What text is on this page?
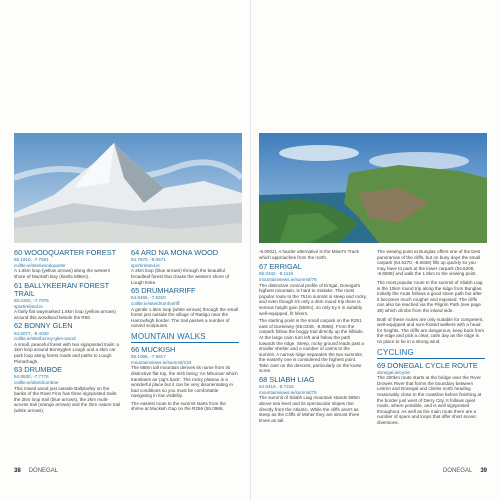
60 WOODQUARTER FOREST

55.1910, -7.7551

coillte.ie/site/woodquarter

A 1.6km loop (yellow arrows) along the western shore of Muckish Bay (Ilanlla Mitten).

61 BALLYKEERAN FOREST TRAIL

55.0202, -7.7976

sportireland.ie

A fairly flat waymarked 1.6km loop (yellow arrows) around this woodland beside the R56.

62 BONNY GLEN

54.6077, -8.4033

coillte.ie/site/bonny-glen-wood

A small, peaceful forest with two signposted trails: a 1km loop around Bonnyglen Lough and a 4km car park loop along forest roads and paths to Lough Pisnarhagh.

63 DRUMBOE

54.8530, -7.7776

coillte.ie/site/drumboe

This mixed wood just outside Ballybofey on the banks of the River Finn has three signposted trails: the 2km loop trail (blue arrows), the 2km multi-access trail (orange arrows) and the 2km nature trail (white arrows).

64 ARD NA MONA WOOD

54.7870, -8.0571

sportireland.ie

A 2km loop (blue arrows) through the beautiful broadleaf forest that cloaks the western shore of Lough Eske.

65 DRUMHARRIFF

54.8465, -7.9310

coillte.ie/site/drumharriff

A gentle 1.5km loop (white arrows) through the small forest just outside the village of Rattigo near the Harrowhigh border. The trail passes a number of carved sculptures.

MOUNTAIN WALKS
66 MUCKISH

55.1066, -7.9917

mountainviews.ie/summit/133

The 666m tall mountain derives its name from its distinctive flat top, the Irish being 'An Mhuicas' which translates as 'pig's back'. The rocky plateau is a wonderful place but it can be very disorientating in bad conditions so you must be comfortable navigating in low visibility.

The easiest route to the summit starts from the shrine at Muckish Gap on the R256 (55.0986,

38 DONEGAL

-8.0002). A harder alternative is the Miner's Track which approaches from the north.

67 ERRIGAL

55.0342, -8.1119

mountainviews.ie/summit/78

The distinctive conical profile of Errigal, Donegal's highest mountain, is hard to mistake. The most popular route to the 751m summit is steep and rocky, and even though it's only a 4km round trip there is serious height gain (550m), so only try it in suitably well-equipped, fit hikers.

The starting point is the small carpark on the R251 east of Dunlewey (55.0348, -8.0866). From the carpark follow the boggy trail directly up the hillside. At the large cairn turn left and follow the path towards the ridge. Steep, rocky ground leads past a smaller shelter and a number of cairns to the summit. A narrow ridge separates the two summits; the easterly one is considered the highest point. Take care on the descent, particularly on the loose scree.

68 SLIABH LIAG

54.6419, -8.7215

mountainviews.ie/summit/79

The summit of Sliabh Liag mountain stands 595m above sea level and its spectacular slopes rise directly from the Atlantic. While the cliffs aren't as steep as the Cliffs of Moher they are almost three times as tall.

The viewing point at Bunglas offers one of the best panoramas of the cliffs, but on busy days the small carpark (54.6270, -8.6848) fills up quickly so you may have to park at the lower carpark (54.6208, -8.6608) and walk the 1.5km to the viewing point.

The most popular route to the summit of Sliabh Liag is the 10km round trip along the ridge from Bunglas. Initially the route follows a good stone path but after it becomes much rougher and exposed. The cliffs can also be reached via the Pilgrim Path (see page 38) which climbs from the inland side.

Both of these routes are only suitable for competent, well-equipped and sure-footed walkers with a head for heights. The cliffs are dangerous; keep back from the edge and pick a clear, calm day as the ridge is no place to be in a strong wind.

CYCLING
69 DONEGAL CYCLE ROUTE

donegal.ie/cycle

The 200km route starts at the bridge over the River Drowes River that forms the boundary between Leitrim and Donegal and climbs north heading reasonably close to the coastline before finishing at the border just west of Derry City. It follows quiet roads, where possible, and is well signposted throughout. As well as the main route there are a number of spurs and loops that offer short scenic diversions.

DONEGAL 39
